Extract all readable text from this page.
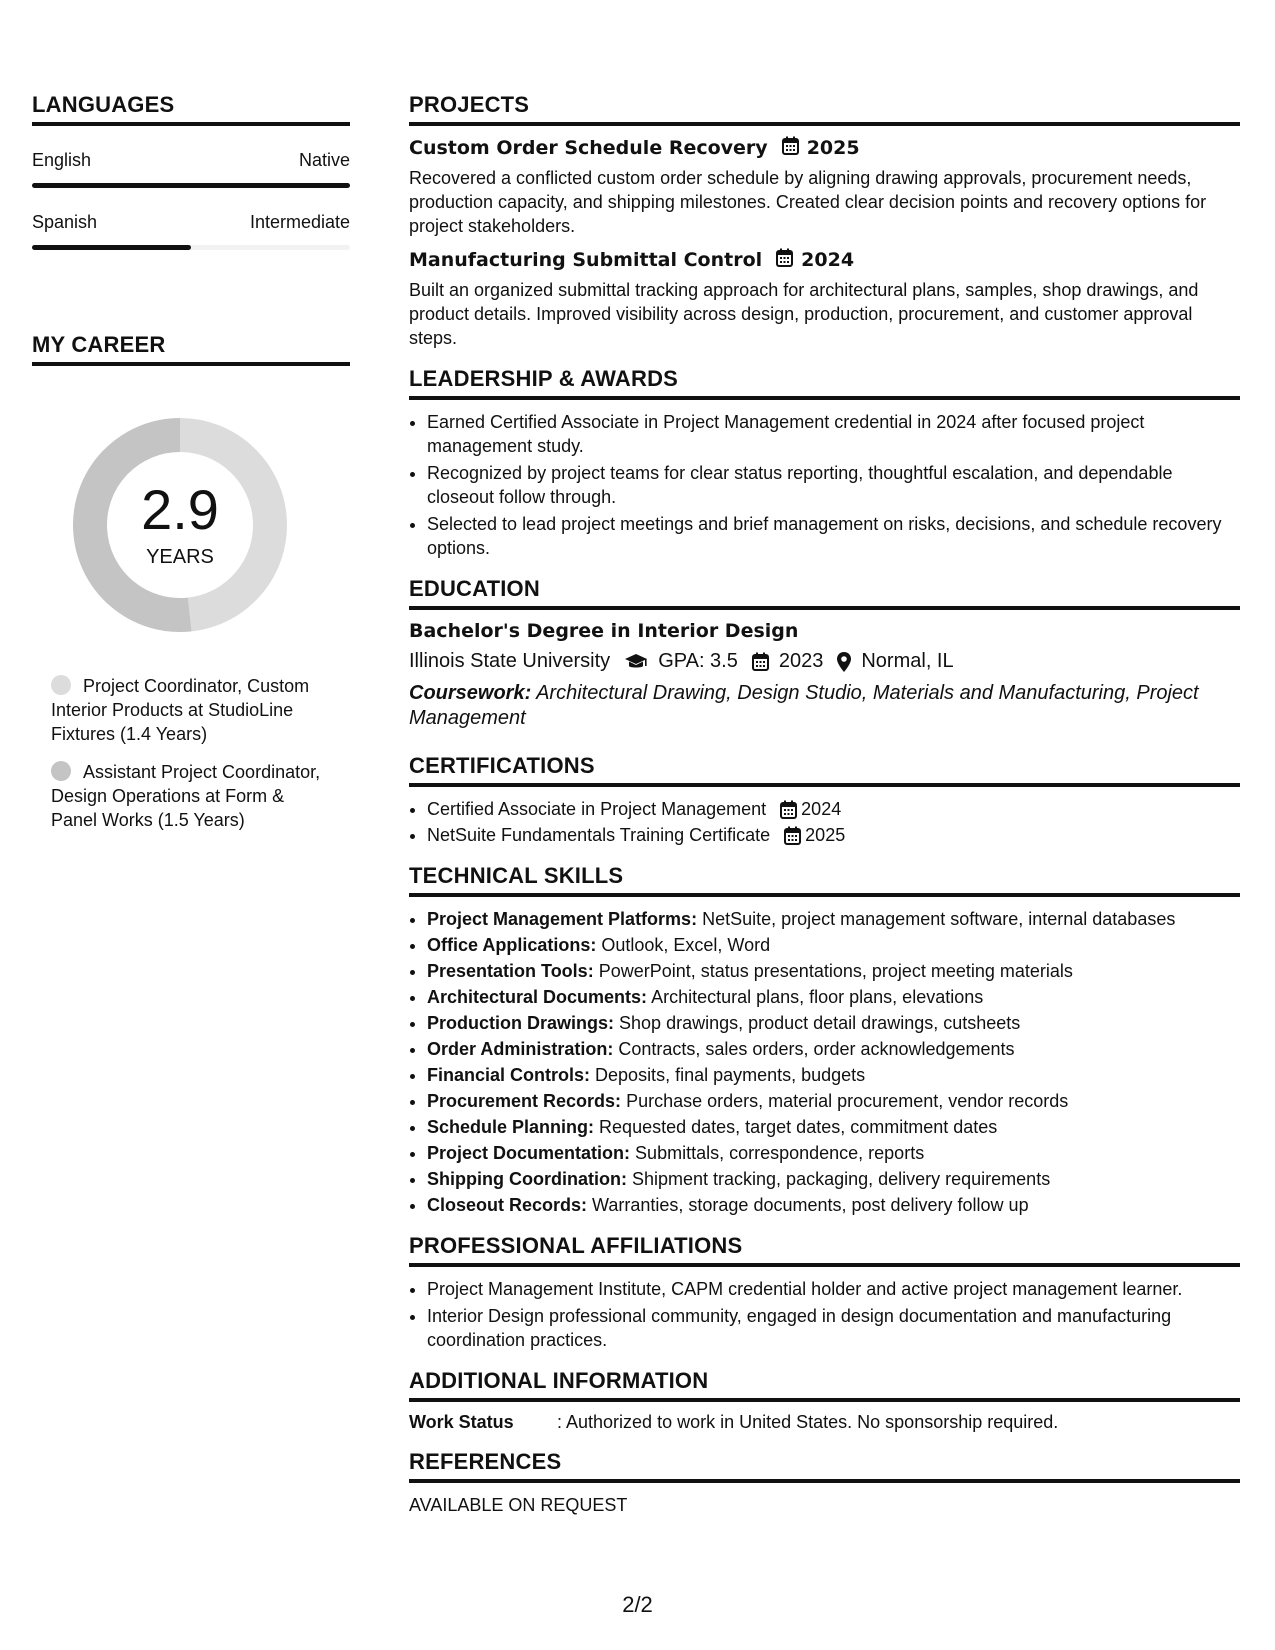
LANGUAGES
English	Native
Spanish	Intermediate
MY CAREER
2.9
YEARS
Project Coordinator, Custom Interior Products at StudioLine Fixtures (1.4 Years)
Assistant Project Coordinator, Design Operations at Form & Panel Works (1.5 Years)
PROJECTS
Custom Order Schedule Recovery 2025
Recovered a conflicted custom order schedule by aligning drawing approvals, procurement needs, production capacity, and shipping milestones. Created clear decision points and recovery options for project stakeholders.
Manufacturing Submittal Control 2024
Built an organized submittal tracking approach for architectural plans, samples, shop drawings, and product details. Improved visibility across design, production, procurement, and customer approval steps.
LEADERSHIP & AWARDS
• Earned Certified Associate in Project Management credential in 2024 after focused project management study.
• Recognized by project teams for clear status reporting, thoughtful escalation, and dependable closeout follow through.
• Selected to lead project meetings and brief management on risks, decisions, and schedule recovery options.
EDUCATION
Bachelor's Degree in Interior Design
Illinois State University GPA: 3.5 2023 Normal, IL
Coursework: Architectural Drawing, Design Studio, Materials and Manufacturing, Project Management
CERTIFICATIONS
• Certified Associate in Project Management 2024
• NetSuite Fundamentals Training Certificate 2025
TECHNICAL SKILLS
• Project Management Platforms: NetSuite, project management software, internal databases
• Office Applications: Outlook, Excel, Word
• Presentation Tools: PowerPoint, status presentations, project meeting materials
• Architectural Documents: Architectural plans, floor plans, elevations
• Production Drawings: Shop drawings, product detail drawings, cutsheets
• Order Administration: Contracts, sales orders, order acknowledgements
• Financial Controls: Deposits, final payments, budgets
• Procurement Records: Purchase orders, material procurement, vendor records
• Schedule Planning: Requested dates, target dates, commitment dates
• Project Documentation: Submittals, correspondence, reports
• Shipping Coordination: Shipment tracking, packaging, delivery requirements
• Closeout Records: Warranties, storage documents, post delivery follow up
PROFESSIONAL AFFILIATIONS
• Project Management Institute, CAPM credential holder and active project management learner.
• Interior Design professional community, engaged in design documentation and manufacturing coordination practices.
ADDITIONAL INFORMATION
Work Status	: Authorized to work in United States. No sponsorship required.
REFERENCES
AVAILABLE ON REQUEST
2/2
